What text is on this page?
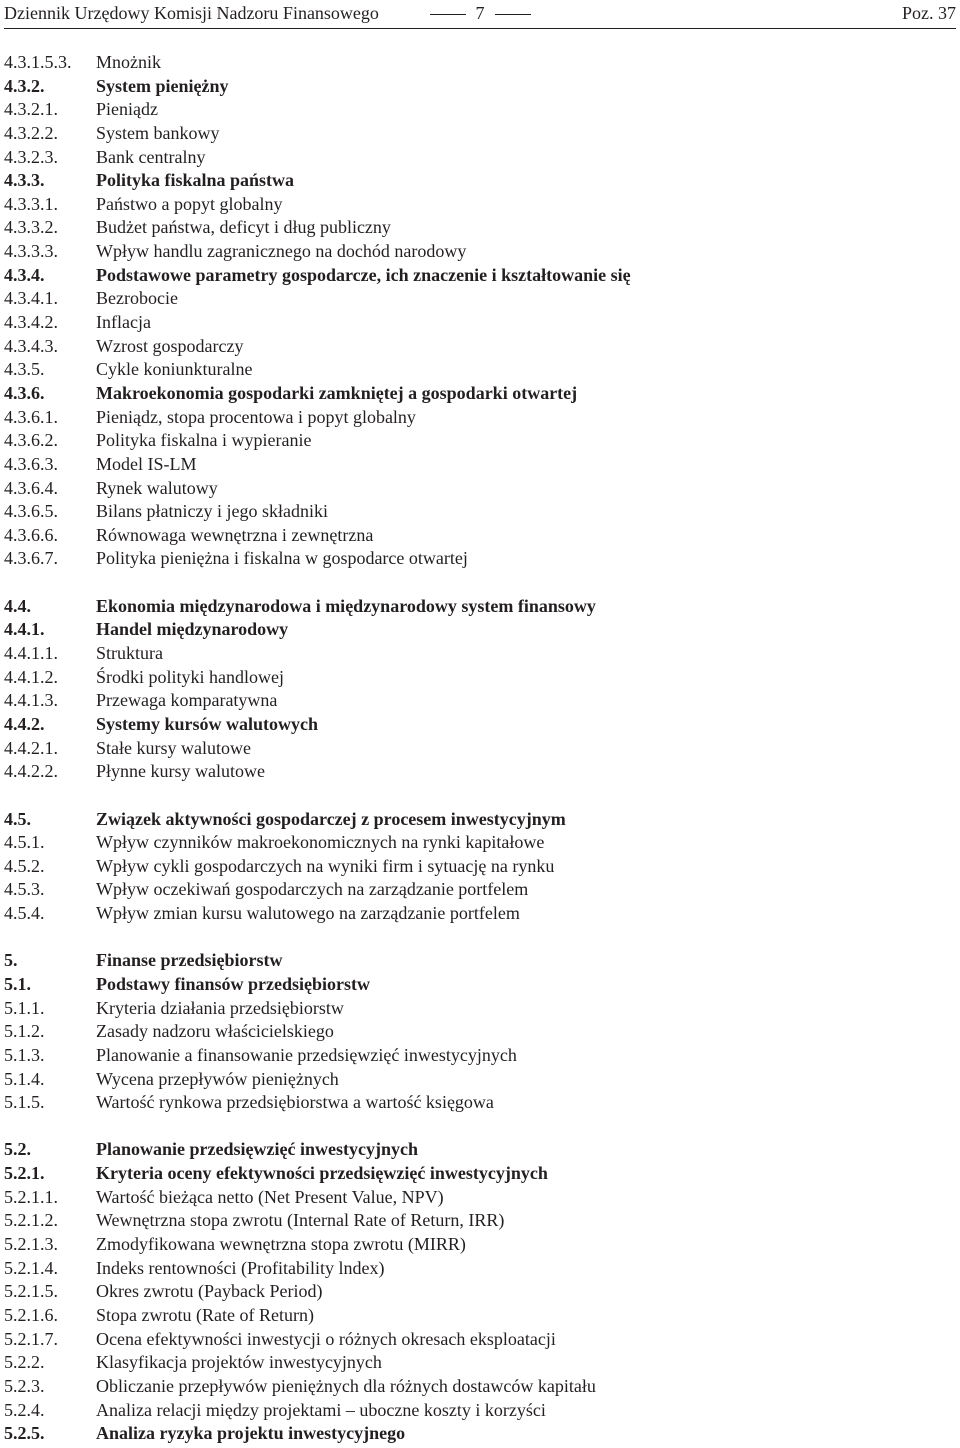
Dziennik Urzędowy Komisji Nadzoru Finansowego	7	Poz. 37
4.3.1.5.3. Mnożnik
4.3.2.	System pieniężny
4.3.2.1. Pieniądz
4.3.2.2. System bankowy
4.3.2.3. Bank centralny
4.3.3.	Polityka fiskalna państwa
4.3.3.1. Państwo a popyt globalny
4.3.3.2. Budżet państwa, deficyt i dług publiczny
4.3.3.3. Wpływ handlu zagranicznego na dochód narodowy
4.3.4.	Podstawowe parametry gospodarcze, ich znaczenie i kształtowanie się
4.3.4.1. Bezrobocie
4.3.4.2. Inflacja
4.3.4.3. Wzrost gospodarczy
4.3.5.	Cykle koniunkturalne
4.3.6.	Makroekonomia gospodarki zamkniętej a gospodarki otwartej
4.3.6.1. Pieniądz, stopa procentowa i popyt globalny
4.3.6.2. Polityka fiskalna i wypieranie
4.3.6.3. Model IS-LM
4.3.6.4. Rynek walutowy
4.3.6.5. Bilans płatniczy i jego składniki
4.3.6.6. Równowaga wewnętrzna i zewnętrzna
4.3.6.7. Polityka pieniężna i fiskalna w gospodarce otwartej
4.4.	Ekonomia międzynarodowa i międzynarodowy system finansowy
4.4.1.	Handel międzynarodowy
4.4.1.1. Struktura
4.4.1.2. Środki polityki handlowej
4.4.1.3. Przewaga komparatywna
4.4.2.	Systemy kursów walutowych
4.4.2.1. Stałe kursy walutowe
4.4.2.2. Płynne kursy walutowe
4.5.	Związek aktywności gospodarczej z procesem inwestycyjnym
4.5.1.	Wpływ czynników makroekonomicznych na rynki kapitałowe
4.5.2.	Wpływ cykli gospodarczych na wyniki firm i sytuację na rynku
4.5.3.	Wpływ oczekiwań gospodarczych na zarządzanie portfelem
4.5.4.	Wpływ zmian kursu walutowego na zarządzanie portfelem
5.	Finanse przedsiębiorstw
5.1.	Podstawy finansów przedsiębiorstw
5.1.1.	Kryteria działania przedsiębiorstw
5.1.2.	Zasady nadzoru właścicielskiego
5.1.3.	Planowanie a finansowanie przedsięwzięć inwestycyjnych
5.1.4.	Wycena przepływów pieniężnych
5.1.5.	Wartość rynkowa przedsiębiorstwa a wartość księgowa
5.2.	Planowanie przedsięwzięć inwestycyjnych
5.2.1.	Kryteria oceny efektywności przedsięwzięć inwestycyjnych
5.2.1.1. Wartość bieżąca netto (Net Present Value, NPV)
5.2.1.2. Wewnętrzna stopa zwrotu (Internal Rate of Return, IRR)
5.2.1.3. Zmodyfikowana wewnętrzna stopa zwrotu (MIRR)
5.2.1.4. Indeks rentowności (Profitability lndex)
5.2.1.5. Okres zwrotu (Payback Period)
5.2.1.6. Stopa zwrotu (Rate of Return)
5.2.1.7. Ocena efektywności inwestycji o różnych okresach eksploatacji
5.2.2.	Klasyfikacja projektów inwestycyjnych
5.2.3.	Obliczanie przepływów pieniężnych dla różnych dostawców kapitału
5.2.4.	Analiza relacji między projektami – uboczne koszty i korzyści
5.2.5.	Analiza ryzyka projektu inwestycyjnego
